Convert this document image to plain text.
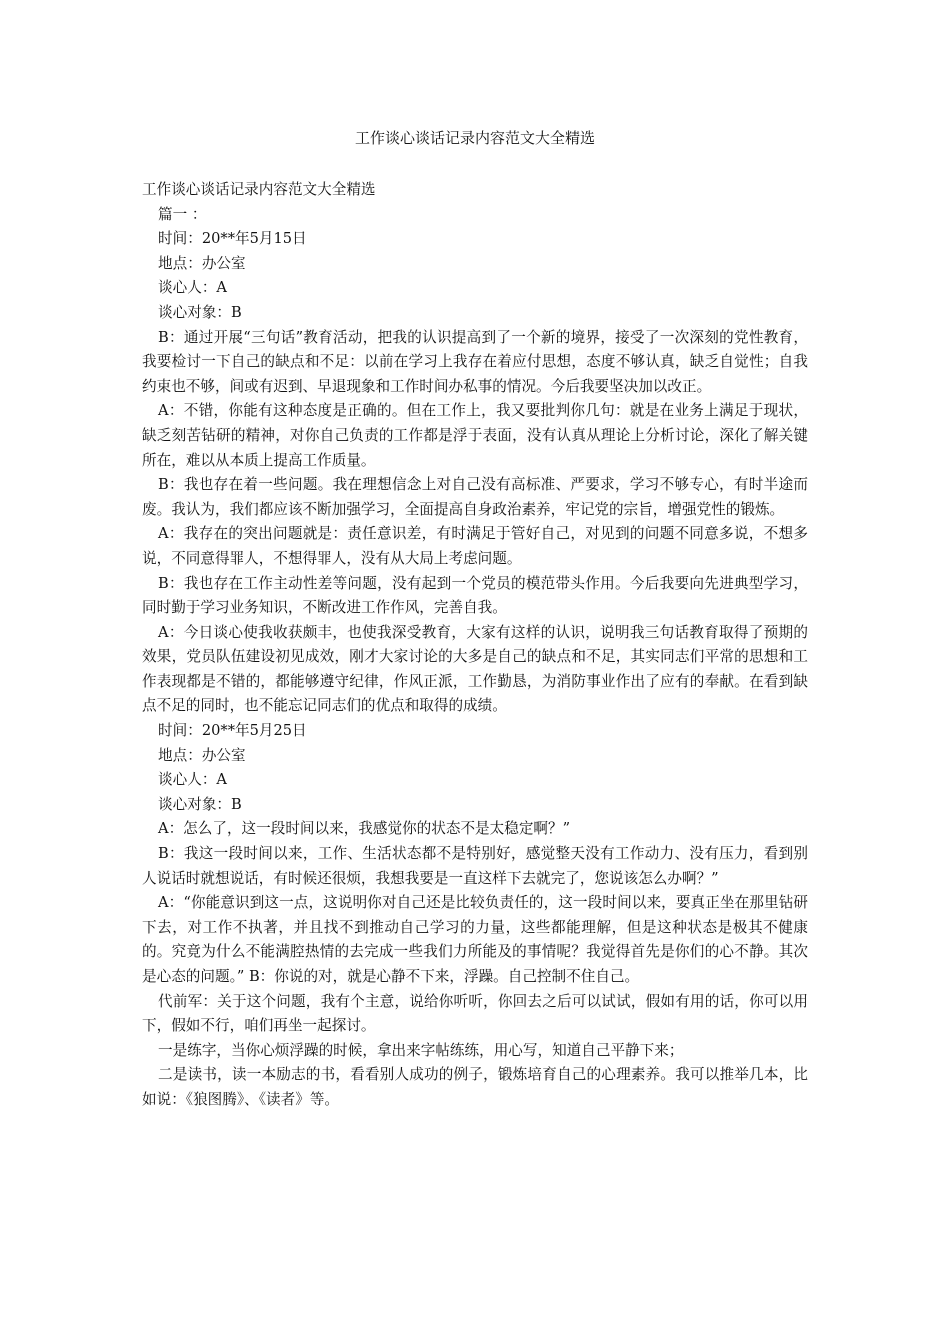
工作谈心谈话记录内容范文大全精选

工作谈心谈话记录内容范文大全精选

篇一 ：

时间：20**年5月15日

地点：办公室

谈心人：A

谈心对象：B

B：通过开展“三句话”教育活动，把我的认识提高到了一个新的境界，接受了一次深刻的党性教育，我要检讨一下自己的缺点和不足：以前在学习上我存在着应付思想，态度不够认真，缺乏自觉性；自我约束也不够，间或有迟到、早退现象和工作时间办私事的情况。今后我要坚决加以改正。

A：不错，你能有这种态度是正确的。但在工作上，我又要批判你几句：就是在业务上满足于现状，缺乏刻苦钻研的精神，对你自己负责的工作都是浮于表面，没有认真从理论上分析讨论，深化了解关键所在，难以从本质上提高工作质量。

B：我也存在着一些问题。我在理想信念上对自己没有高标准、严要求，学习不够专心，有时半途而废。我认为，我们都应该不断加强学习，全面提高自身政治素养，牢记党的宗旨，增强党性的锻炼。

A：我存在的突出问题就是：责任意识差，有时满足于管好自己，对见到的问题不同意多说，不想多说，不同意得罪人，不想得罪人，没有从大局上考虑问题。

B：我也存在工作主动性差等问题，没有起到一个党员的模范带头作用。今后我要向先进典型学习，同时勤于学习业务知识，不断改进工作作风，完善自我。

A：今日谈心使我收获颇丰，也使我深受教育，大家有这样的认识，说明我三句话教育取得了预期的效果，党员队伍建设初见成效，刚才大家讨论的大多是自己的缺点和不足，其实同志们平常的思想和工作表现都是不错的，都能够遵守纪律，作风正派，工作勤恳，为消防事业作出了应有的奉献。在看到缺点不足的同时，也不能忘记同志们的优点和取得的成绩。

时间：20**年5月25日

地点：办公室

谈心人：A

谈心对象：B

A：怎么了，这一段时间以来，我感觉你的状态不是太稳定啊？”

B：我这一段时间以来，工作、生活状态都不是特别好，感觉整天没有工作动力、没有压力，看到别人说话时就想说话，有时候还很烦，我想我要是一直这样下去就完了，您说该怎么办啊？”

A：“你能意识到这一点，这说明你对自己还是比较负责任的，这一段时间以来，要真正坐在那里钻研下去，对工作不执著，并且找不到推动自己学习的力量，这些都能理解，但是这种状态是极其不健康的。究竟为什么不能满腔热情的去完成一些我们力所能及的事情呢？我觉得首先是你们的心不静。其次是心态的问题。” B：你说的对，就是心静不下来，浮躁。自己控制不住自己。

代前军：关于这个问题，我有个主意，说给你听听，你回去之后可以试试，假如有用的话，你可以用下，假如不行，咱们再坐一起探讨。

一是练字，当你心烦浮躁的时候，拿出来字帖练练，用心写，知道自己平静下来；

二是读书，读一本励志的书，看看别人成功的例子，锻炼培育自己的心理素养。我可以推举几本，比如说：《狼图腾》、《读者》等。
